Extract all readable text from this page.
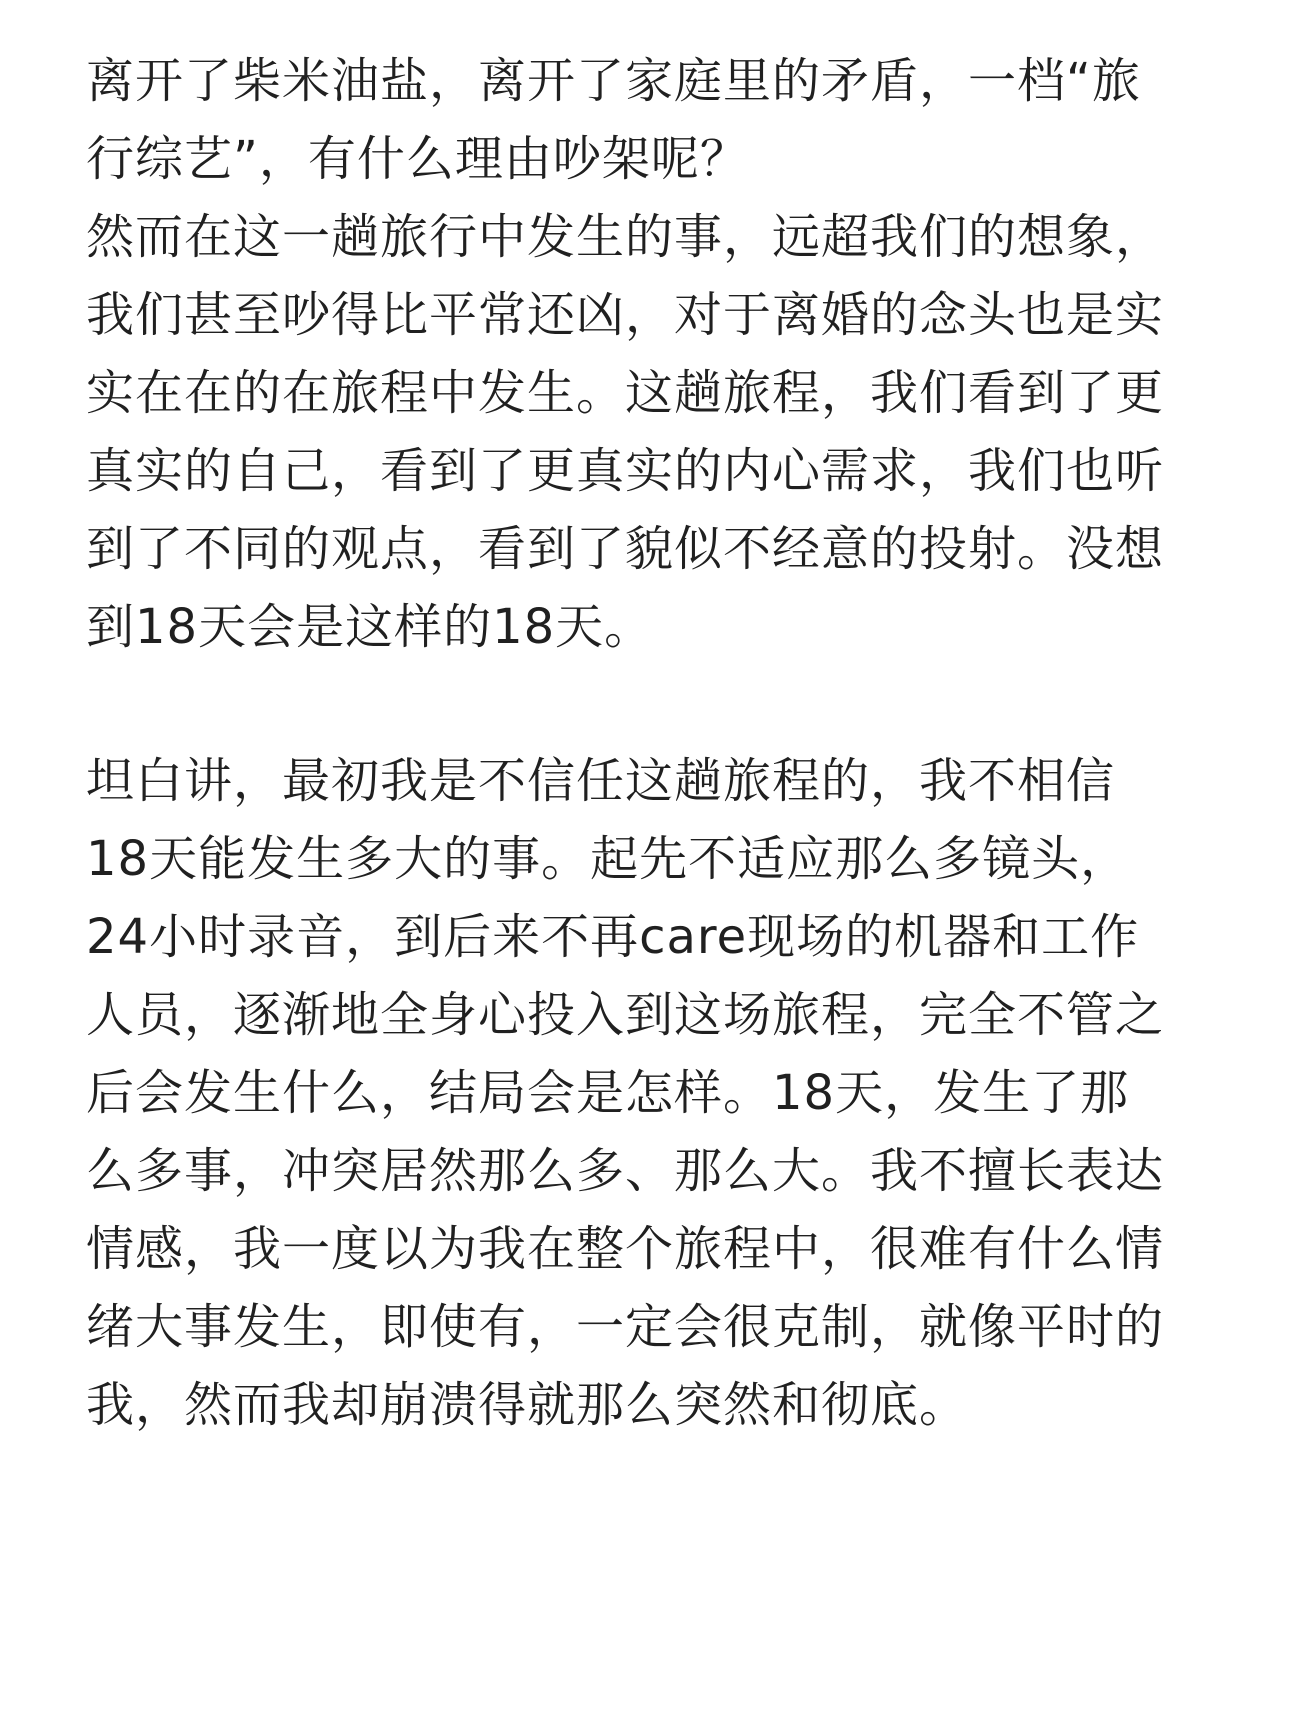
离开了柴米油盐，离开了家庭里的矛盾，一档“旅
行综艺”，有什么理由吵架呢？
然而在这一趟旅行中发生的事，远超我们的想象，
我们甚至吵得比平常还凶，对于离婚的念头也是实
实在在的在旅程中发生。这趟旅程，我们看到了更
真实的自己，看到了更真实的内心需求，我们也听
到了不同的观点，看到了貌似不经意的投射。没想
到18天会是这样的18天。
坦白讲，最初我是不信任这趟旅程的，我不相信
18天能发生多大的事。起先不适应那么多镜头，
24小时录音，到后来不再care现场的机器和工作
人员，逐渐地全身心投入到这场旅程，完全不管之
后会发生什么，结局会是怎样。18天，发生了那
么多事，冲突居然那么多、那么大。我不擅长表达
情感，我一度以为我在整个旅程中，很难有什么情
绪大事发生，即使有，一定会很克制，就像平时的
我，然而我却崩溃得就那么突然和彻底。
